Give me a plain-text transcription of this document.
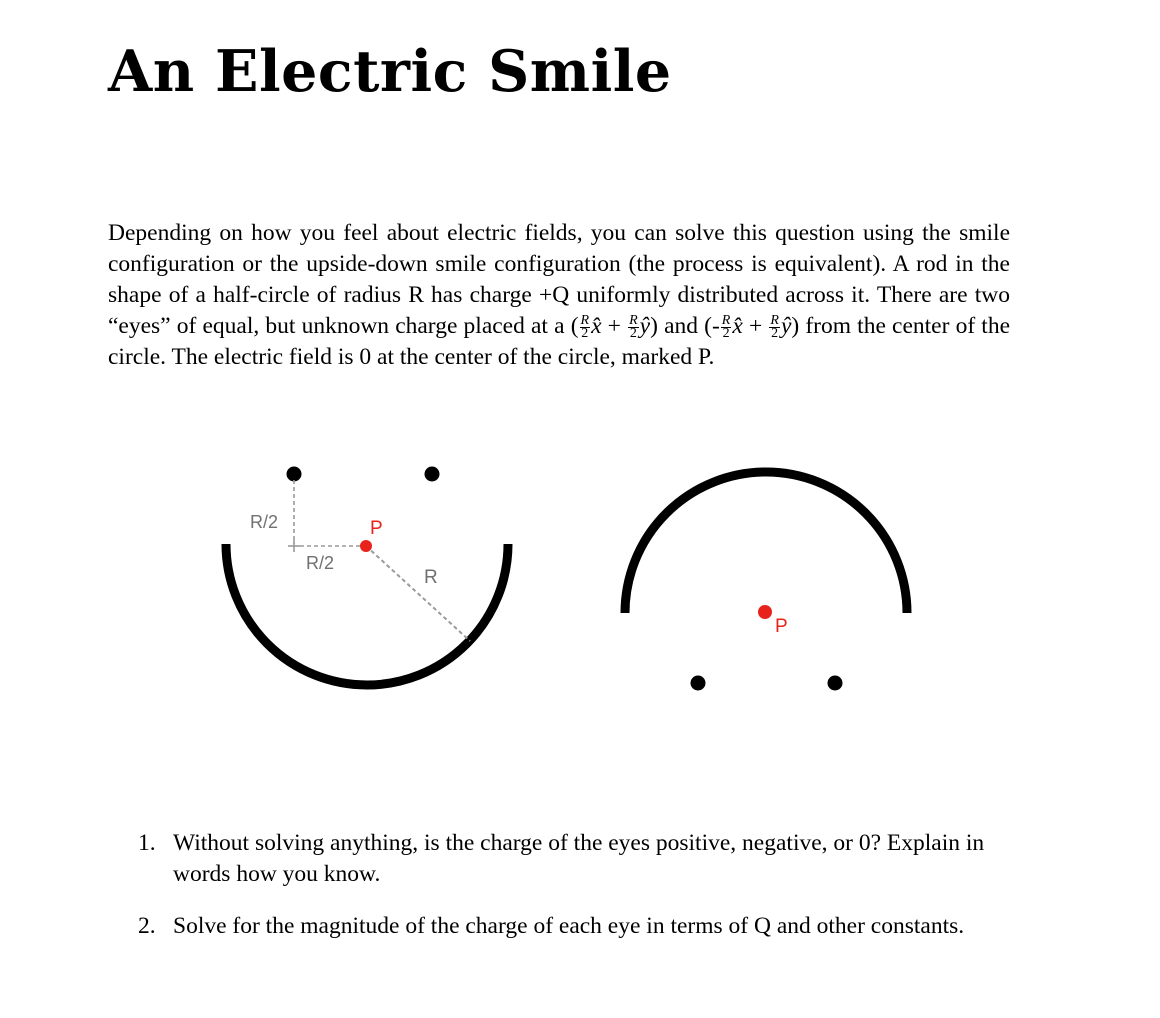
An Electric Smile

Depending on how you feel about electric fields, you can solve this question using the smile configuration or the upside-down smile configuration (the process is equivalent). A rod in the shape of a half-circle of radius R has charge +Q uniformly distributed across it. There are two “eyes” of equal, but unknown charge placed at a ( $\frac{R}{2}$ x̂ + $\frac{R}{2}$ ŷ) and (- $\frac{R}{2}$ x̂ + $\frac{R}{2}$ ŷ) from the center of the circle. The electric field is 0 at the center of the circle, marked P.

R/2
R/2
P
R
P
1. Without solving anything, is the charge of the eyes positive, negative, or 0? Explain in words how you know.
2. Solve for the magnitude of the charge of each eye in terms of Q and other constants.
